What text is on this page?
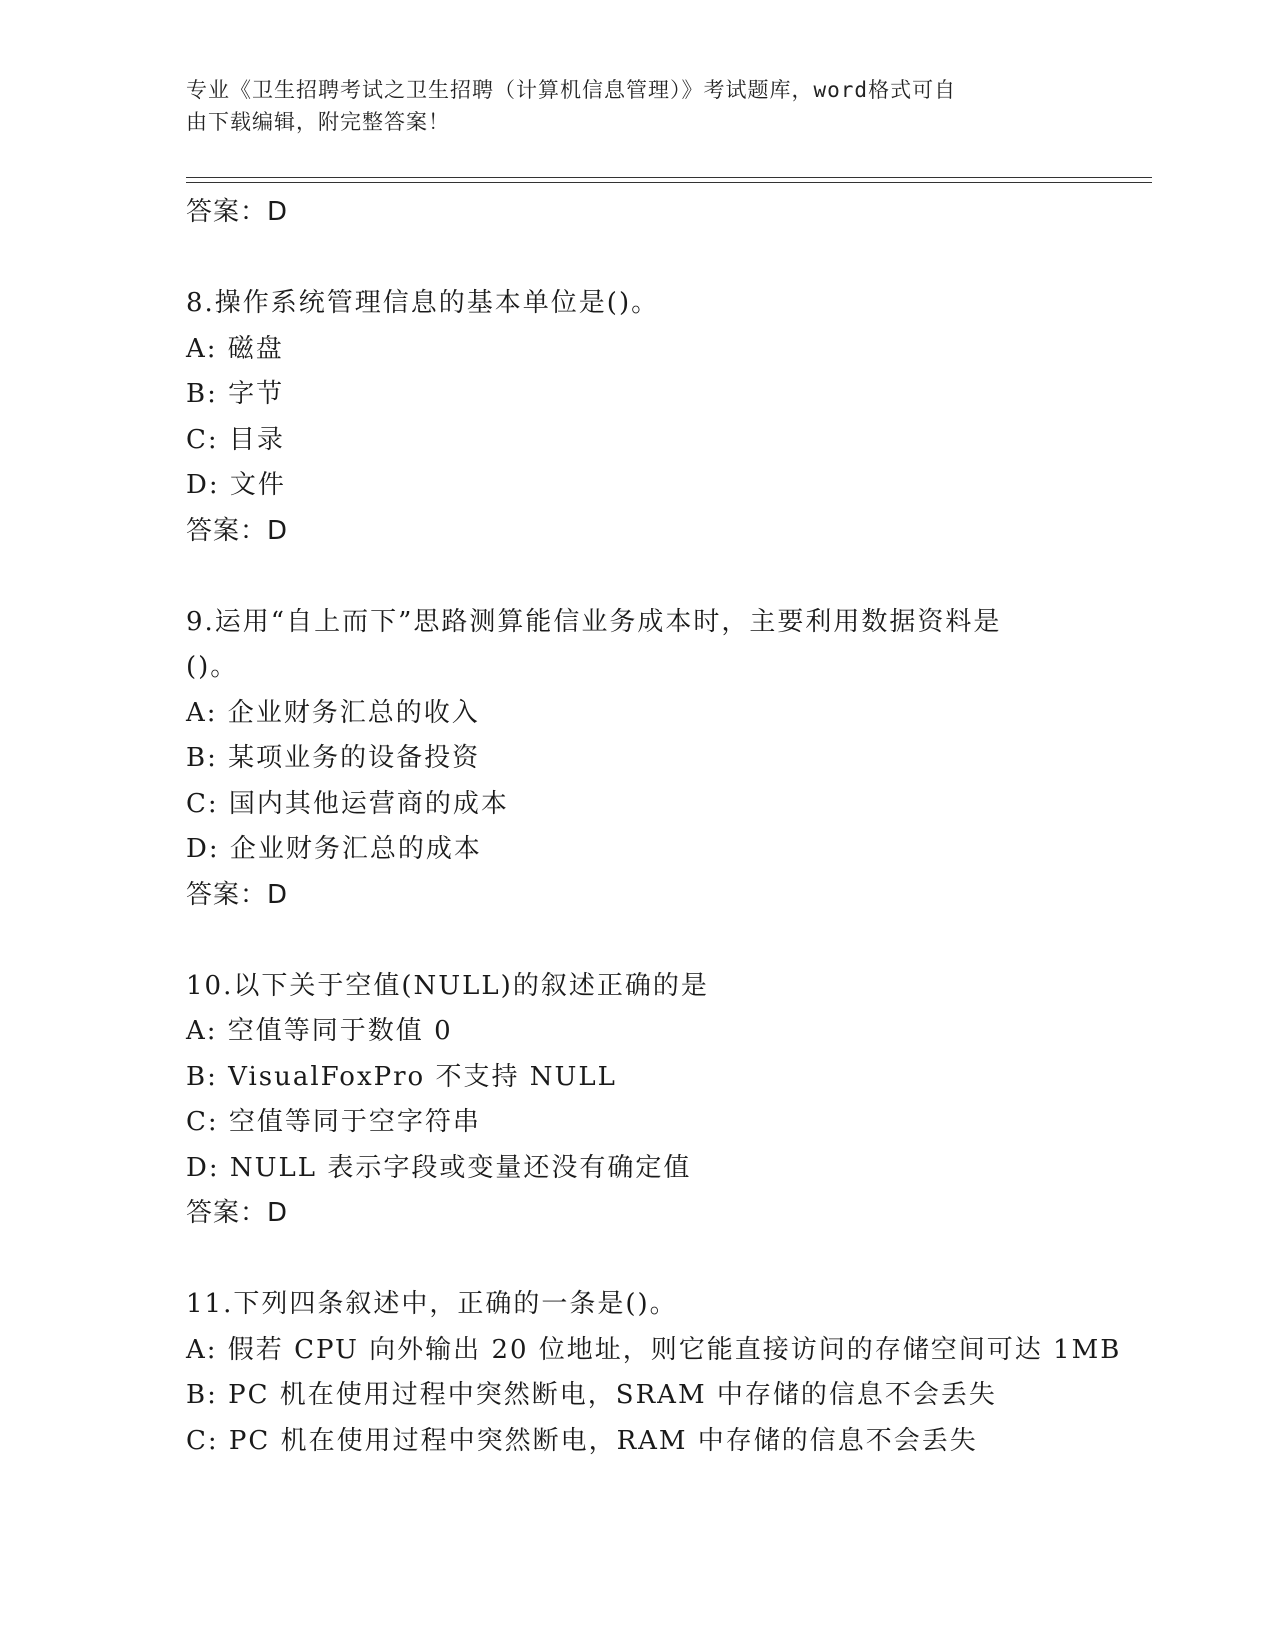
专业《卫生招聘考试之卫生招聘（计算机信息管理）》考试题库，word格式可自
由下载编辑，附完整答案！
答案：D
8.操作系统管理信息的基本单位是()。
A: 磁盘
B: 字节
C: 目录
D: 文件
答案：D
9.运用“自上而下”思路测算能信业务成本时，主要利用数据资料是
()。
A: 企业财务汇总的收入
B: 某项业务的设备投资
C: 国内其他运营商的成本
D: 企业财务汇总的成本
答案：D
10.以下关于空值(NULL)的叙述正确的是
A: 空值等同于数值 0
B: VisualFoxPro 不支持 NULL
C: 空值等同于空字符串
D: NULL 表示字段或变量还没有确定值
答案：D
11.下列四条叙述中，正确的一条是()。
A: 假若 CPU 向外输出 20 位地址，则它能直接访问的存储空间可达 1MB
B: PC 机在使用过程中突然断电，SRAM 中存储的信息不会丢失
C: PC 机在使用过程中突然断电，RAM 中存储的信息不会丢失
